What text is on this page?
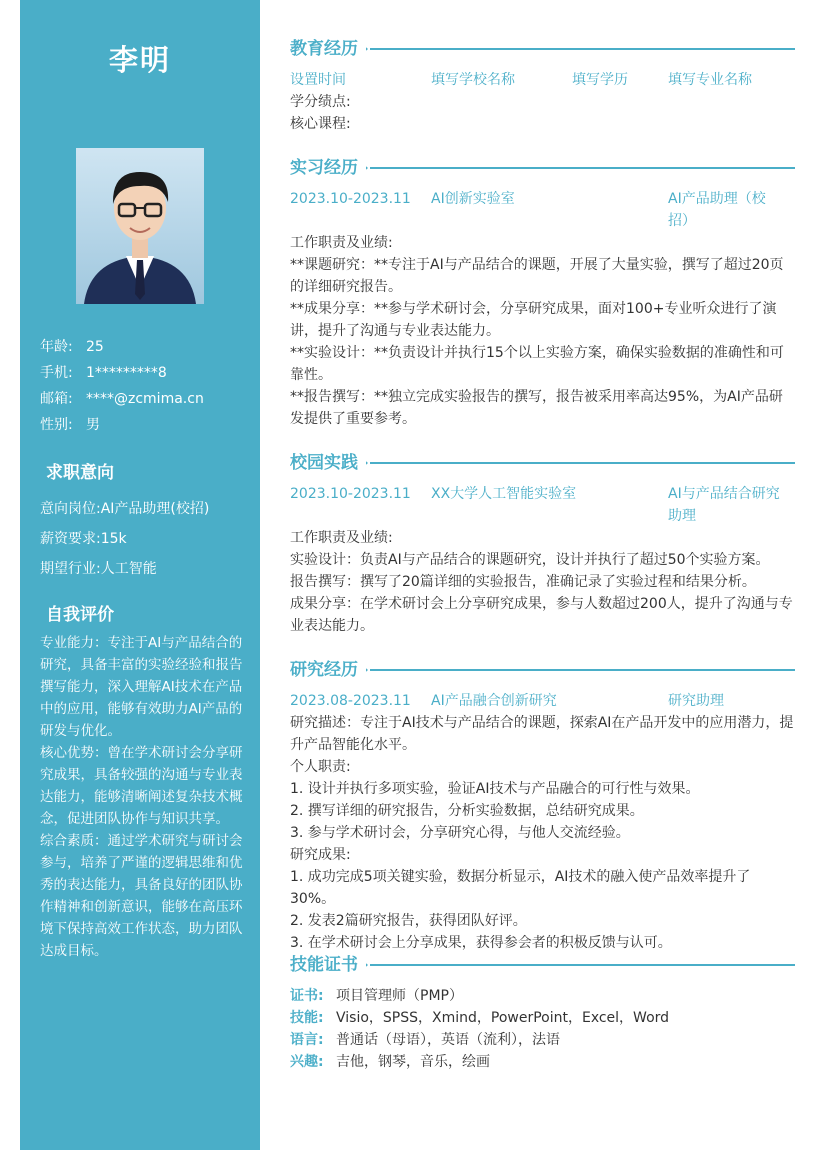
李明
年龄: 25
手机: 1*********8
邮箱: ****@zcmima.cn
性别: 男
求职意向
意向岗位:AI产品助理(校招)
薪资要求:15k
期望行业:人工智能
自我评价

专业能力：专注于AI与产品结合的研究，具备丰富的实验经验和报告撰写能力，深入理解AI技术在产品中的应用，能够有效助力AI产品的研发与优化。

核心优势：曾在学术研讨会分享研究成果，具备较强的沟通与专业表达能力，能够清晰阐述复杂技术概念，促进团队协作与知识共享。

综合素质：通过学术研究与研讨会参与，培养了严谨的逻辑思维和优秀的表达能力，具备良好的团队协作精神和创新意识，能够在高压环境下保持高效工作状态，助力团队达成目标。

教育经历
设置时间	填写学校名称	填写学历	填写专业名称

学分绩点:

核心课程:

实习经历
2023.10-2023.11 AI创新实验室	AI产品助理（校招）

工作职责及业绩:

**课题研究：**专注于AI与产品结合的课题，开展了大量实验，撰写了超过20页的详细研究报告。

**成果分享：**参与学术研讨会，分享研究成果，面对100+专业听众进行了演讲，提升了沟通与专业表达能力。

**实验设计：**负责设计并执行15个以上实验方案，确保实验数据的准确性和可靠性。

**报告撰写：**独立完成实验报告的撰写，报告被采用率高达95%，为AI产品研发提供了重要参考。

校园实践
2023.10-2023.11 XX大学人工智能实验室	AI与产品结合研究助理

工作职责及业绩:

实验设计：负责AI与产品结合的课题研究，设计并执行了超过50个实验方案。

报告撰写：撰写了20篇详细的实验报告，准确记录了实验过程和结果分析。

成果分享：在学术研讨会上分享研究成果，参与人数超过200人，提升了沟通与专业表达能力。

研究经历
2023.08-2023.11 AI产品融合创新研究	研究助理

研究描述：专注于AI技术与产品结合的课题，探索AI在产品开发中的应用潜力，提升产品智能化水平。

个人职责:

1. 设计并执行多项实验，验证AI技术与产品融合的可行性与效果。

2. 撰写详细的研究报告，分析实验数据，总结研究成果。

3. 参与学术研讨会，分享研究心得，与他人交流经验。

研究成果:

1. 成功完成5项关键实验，数据分析显示，AI技术的融入使产品效率提升了30%。

2. 发表2篇研究报告，获得团队好评。

3. 在学术研讨会上分享成果，获得参会者的积极反馈与认可。

技能证书
证书: 项目管理师（PMP）
技能: Visio，SPSS，Xmind，PowerPoint，Excel，Word
语言: 普通话（母语），英语（流利），法语
兴趣: 吉他，钢琴，音乐，绘画
